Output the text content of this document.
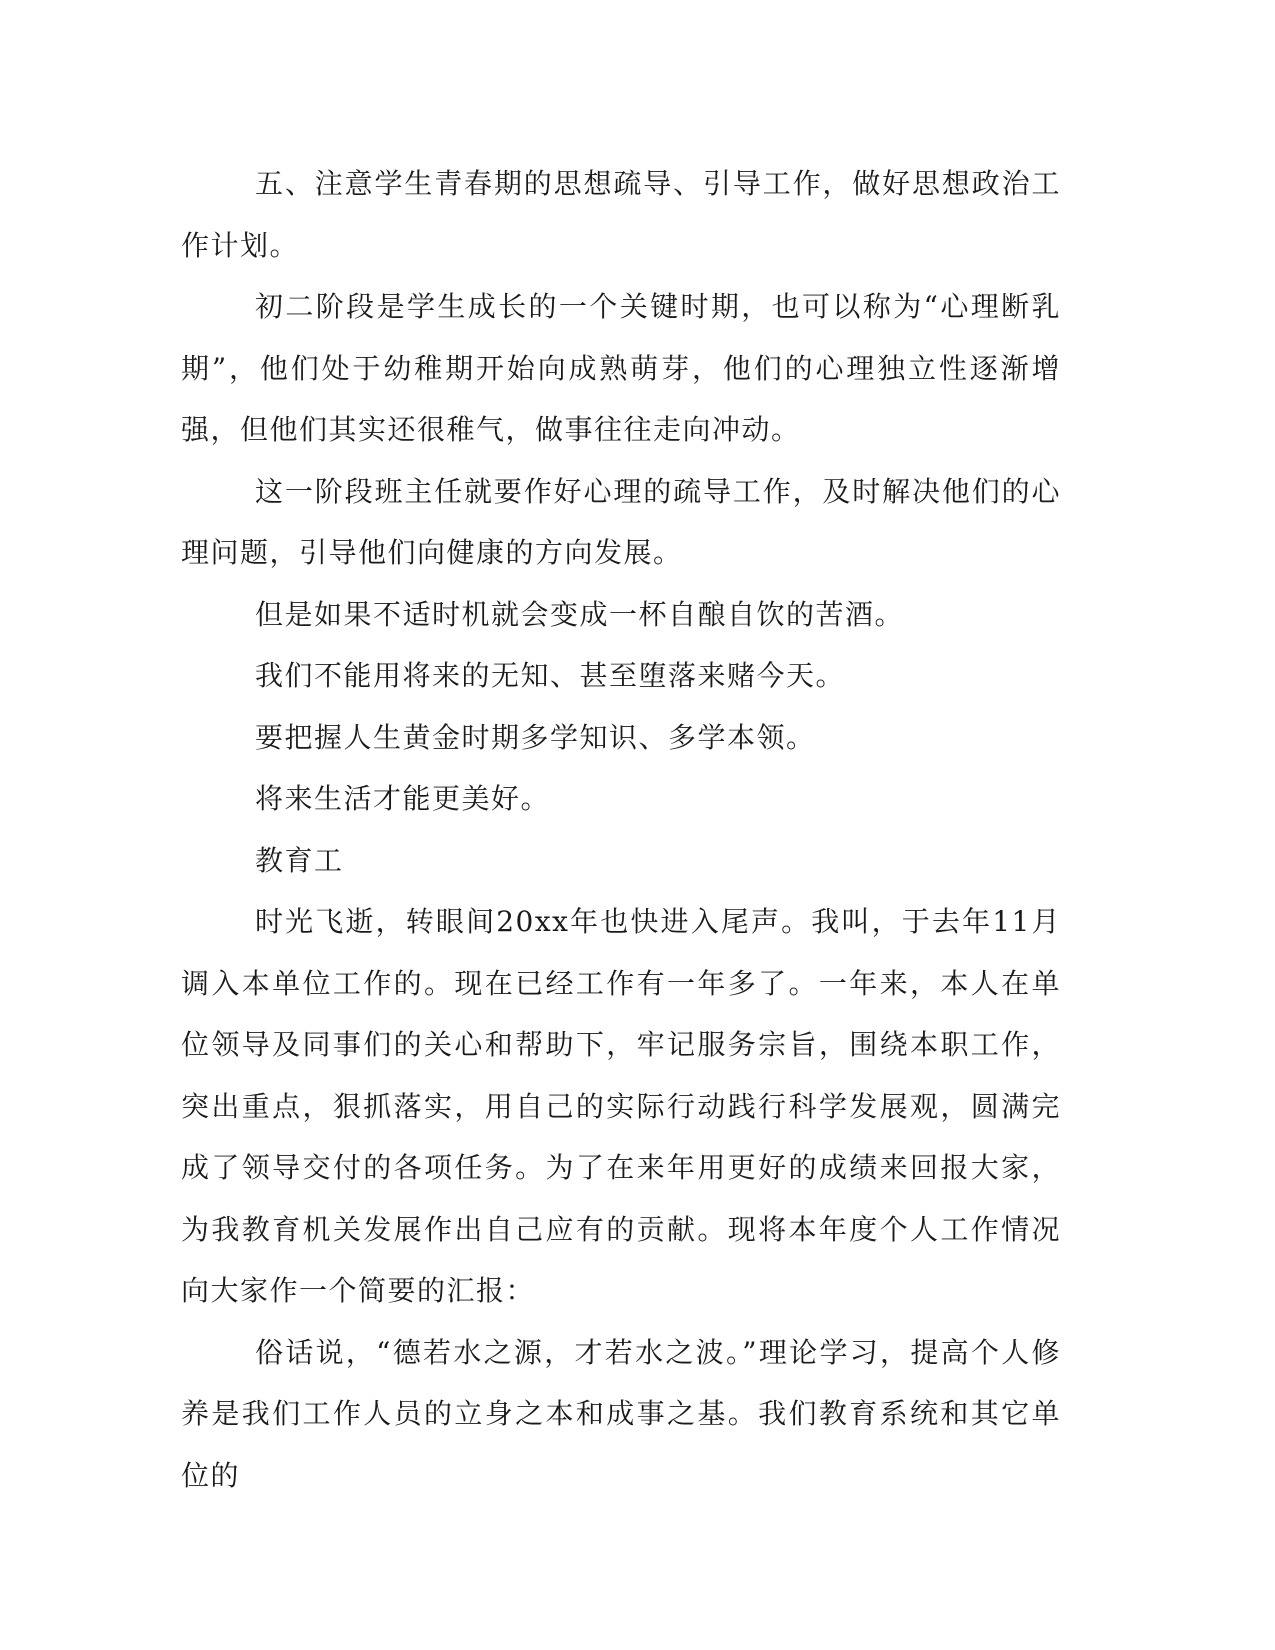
五、注意学生青春期的思想疏导、引导工作，做好思想政治工作计划。

初二阶段是学生成长的一个关键时期，也可以称为“心理断乳期”，他们处于幼稚期开始向成熟萌芽，他们的心理独立性逐渐增强，但他们其实还很稚气，做事往往走向冲动。

这一阶段班主任就要作好心理的疏导工作，及时解决他们的心理问题，引导他们向健康的方向发展。

但是如果不适时机就会变成一杯自酿自饮的苦酒。

我们不能用将来的无知、甚至堕落来赌今天。

要把握人生黄金时期多学知识、多学本领。

将来生活才能更美好。

教育工

时光飞逝，转眼间20xx年也快进入尾声。我叫，于去年11月调入本单位工作的。现在已经工作有一年多了。一年来，本人在单位领导及同事们的关心和帮助下，牢记服务宗旨，围绕本职工作，突出重点，狠抓落实，用自己的实际行动践行科学发展观，圆满完成了领导交付的各项任务。为了在来年用更好的成绩来回报大家，为我教育机关发展作出自己应有的贡献。现将本年度个人工作情况向大家作一个简要的汇报：

俗话说，“德若水之源，才若水之波。”理论学习，提高个人修养是我们工作人员的立身之本和成事之基。我们教育系统和其它单位的
